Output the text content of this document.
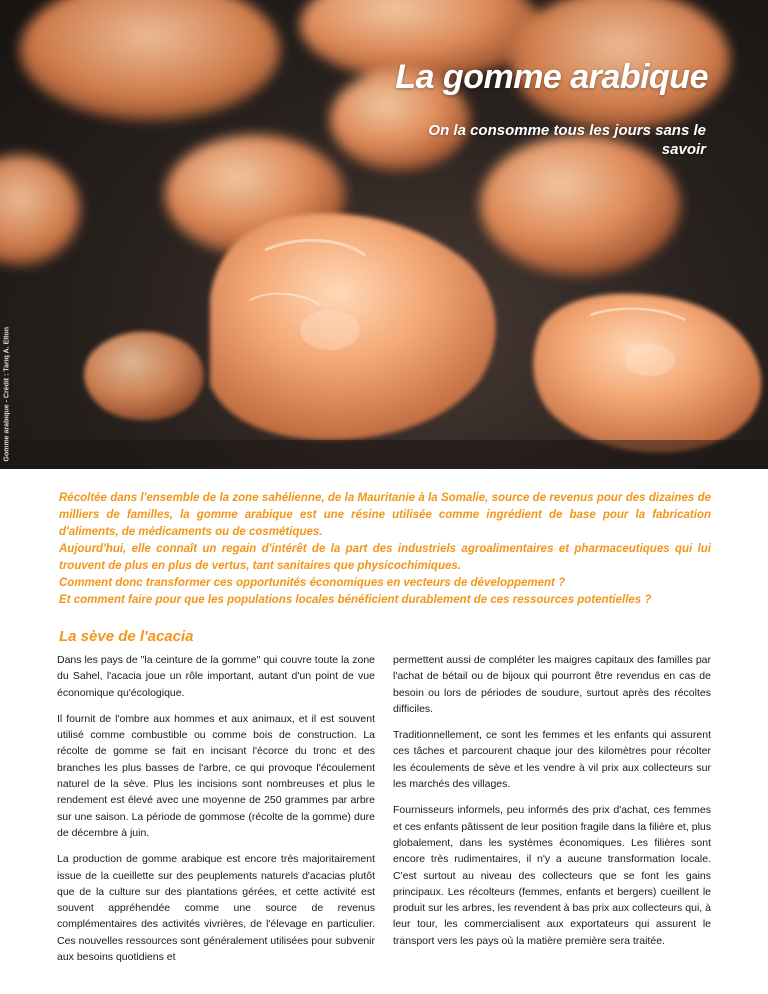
Gomme arabique - Crédit : Tariq A. Elton
La gomme arabique
On la consomme tous les jours sans le savoir

Récoltée dans l'ensemble de la zone sahélienne, de la Mauritanie à la Somalie, source de revenus pour des dizaines de milliers de familles, la gomme arabique est une résine utilisée comme ingrédient de base pour la fabrication d'aliments, de médicaments ou de cosmétiques.

Aujourd'hui, elle connaît un regain d'intérêt de la part des industriels agroalimentaires et pharmaceutiques qui lui trouvent de plus en plus de vertus, tant sanitaires que physicochimiques.

Comment donc transformer ces opportunités économiques en vecteurs de développement ?

Et comment faire pour que les populations locales bénéficient durablement de ces ressources potentielles ?

La sève de l'acacia

Dans les pays de "la ceinture de la gomme" qui couvre toute la zone du Sahel, l'acacia joue un rôle important, autant d'un point de vue économique qu'écologique.

Il fournit de l'ombre aux hommes et aux animaux, et il est souvent utilisé comme combustible ou comme bois de construction. La récolte de gomme se fait en incisant l'écorce du tronc et des branches les plus basses de l'arbre, ce qui provoque l'écoulement naturel de la sève. Plus les incisions sont nombreuses et plus le rendement est élevé avec une moyenne de 250 grammes par arbre sur une saison. La période de gommose (récolte de la gomme) dure de décembre à juin.

La production de gomme arabique est encore très majoritairement issue de la cueillette sur des peuplements naturels d'acacias plutôt que de la culture sur des plantations gérées, et cette activité est souvent appréhendée comme une source de revenus complémentaires des activités vivrières, de l'élevage en particulier. Ces nouvelles ressources sont généralement utilisées pour subvenir aux besoins quotidiens et

permettent aussi de compléter les maigres capitaux des familles par l'achat de bétail ou de bijoux qui pourront être revendus en cas de besoin ou lors de périodes de soudure, surtout après des récoltes difficiles.

Traditionnellement, ce sont les femmes et les enfants qui assurent ces tâches et parcourent chaque jour des kilomètres pour récolter les écoulements de sève et les vendre à vil prix aux collecteurs sur les marchés des villages.

Fournisseurs informels, peu informés des prix d'achat, ces femmes et ces enfants pâtissent de leur position fragile dans la filière et, plus globalement, dans les systèmes économiques. Les filières sont encore très rudimentaires, il n'y a aucune transformation locale. C'est surtout au niveau des collecteurs que se font les gains principaux. Les récolteurs (femmes, enfants et bergers) cueillent le produit sur les arbres, les revendent à bas prix aux collecteurs qui, à leur tour, les commercialisent aux exportateurs qui assurent le transport vers les pays où la matière première sera traitée.
